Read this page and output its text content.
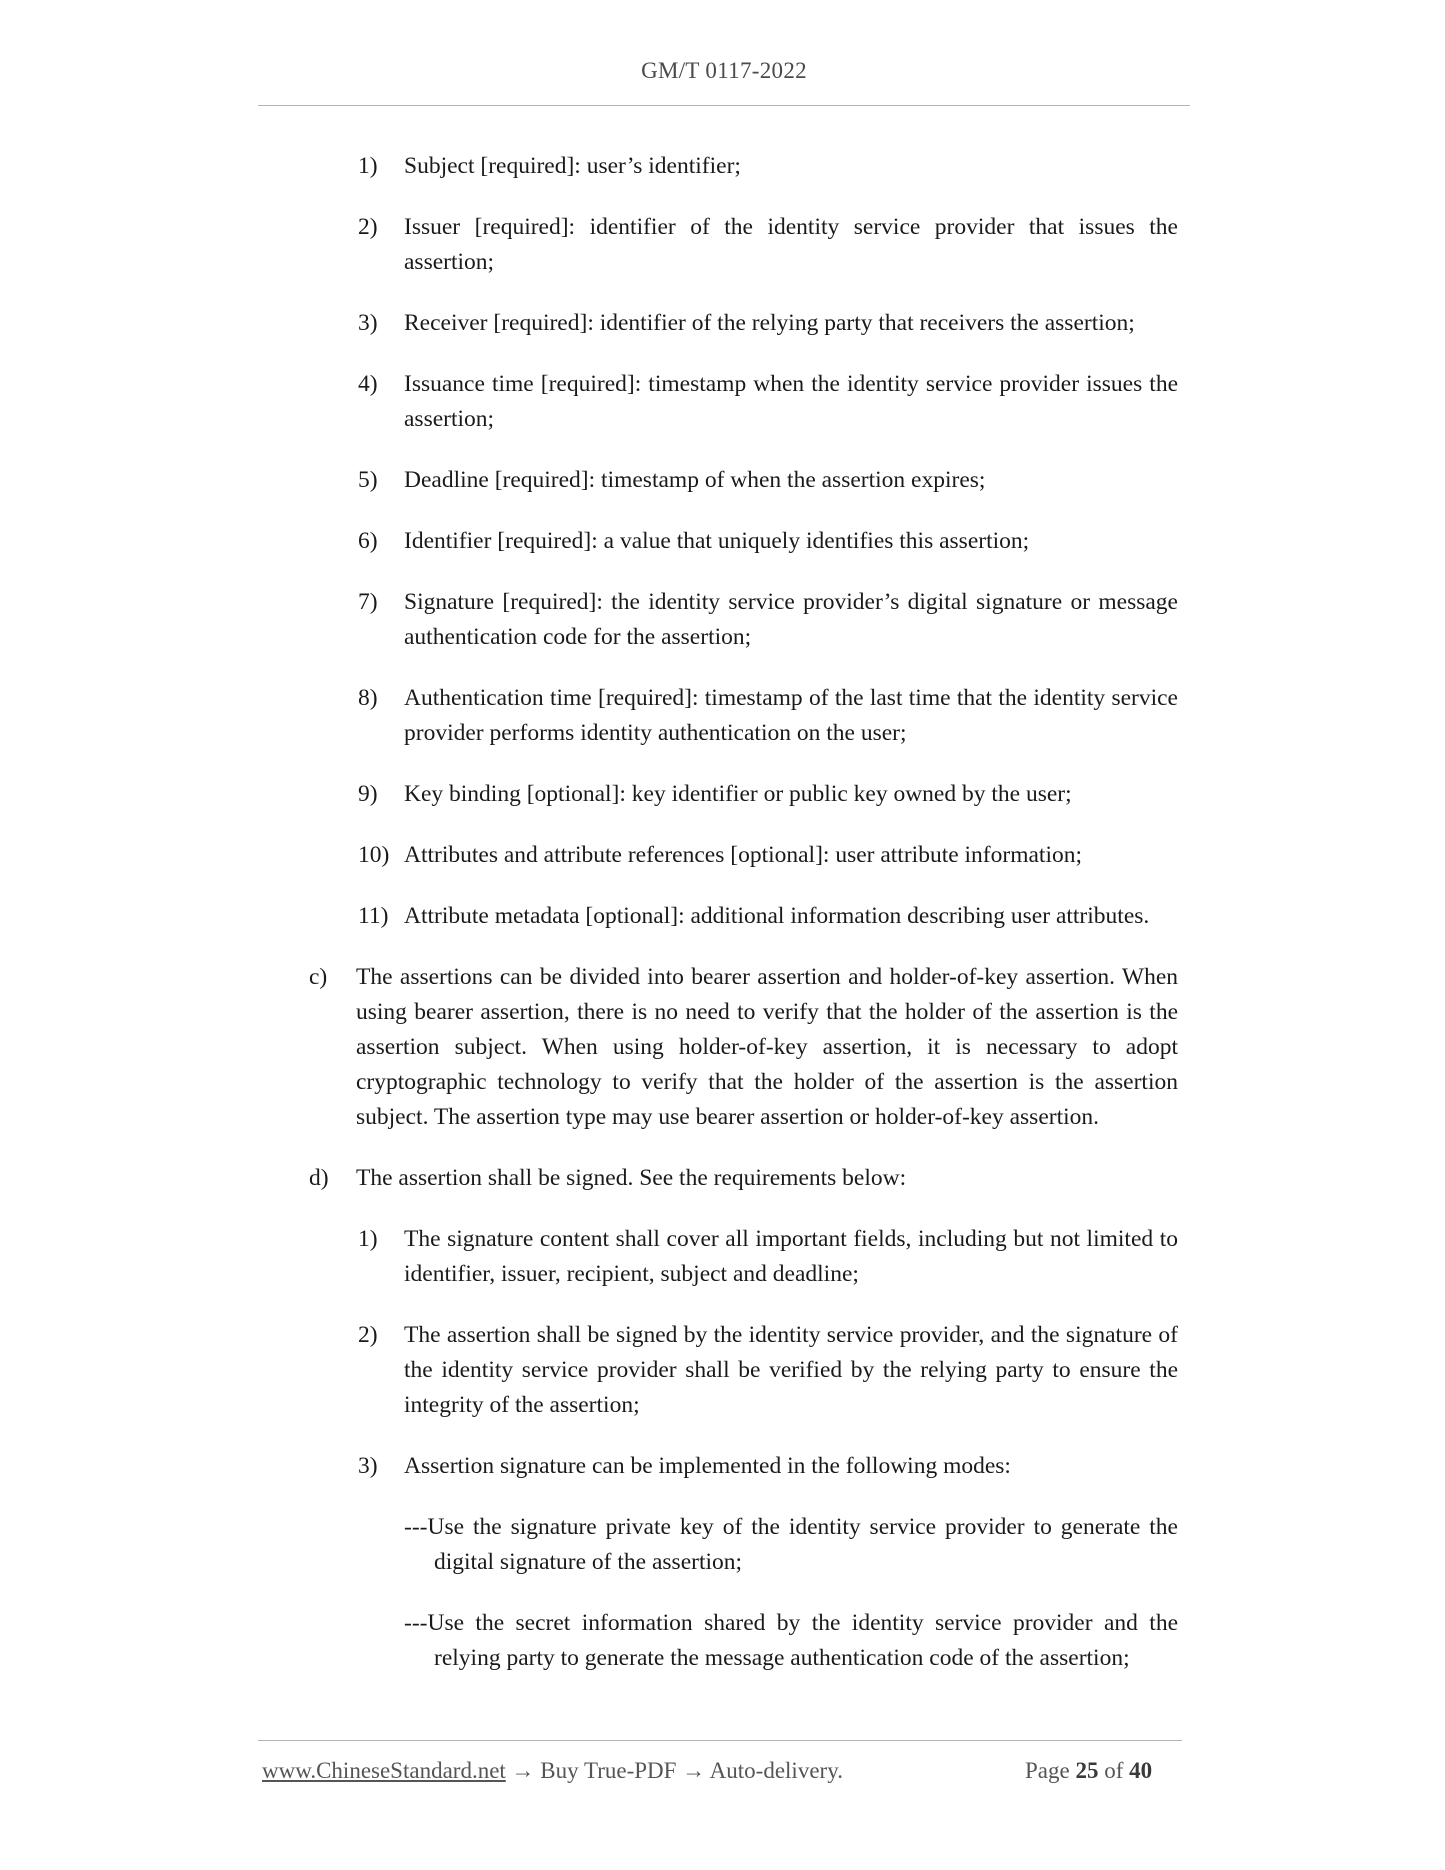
GM/T 0117-2022
1) Subject [required]: user’s identifier;
2) Issuer [required]: identifier of the identity service provider that issues the assertion;
3) Receiver [required]: identifier of the relying party that receivers the assertion;
4) Issuance time [required]: timestamp when the identity service provider issues the assertion;
5) Deadline [required]: timestamp of when the assertion expires;
6) Identifier [required]: a value that uniquely identifies this assertion;
7) Signature [required]: the identity service provider’s digital signature or message authentication code for the assertion;
8) Authentication time [required]: timestamp of the last time that the identity service provider performs identity authentication on the user;
9) Key binding [optional]: key identifier or public key owned by the user;
10) Attributes and attribute references [optional]: user attribute information;
11) Attribute metadata [optional]: additional information describing user attributes.
c) The assertions can be divided into bearer assertion and holder-of-key assertion. When using bearer assertion, there is no need to verify that the holder of the assertion is the assertion subject. When using holder-of-key assertion, it is necessary to adopt cryptographic technology to verify that the holder of the assertion is the assertion subject. The assertion type may use bearer assertion or holder-of-key assertion.
d) The assertion shall be signed. See the requirements below:
1) The signature content shall cover all important fields, including but not limited to identifier, issuer, recipient, subject and deadline;
2) The assertion shall be signed by the identity service provider, and the signature of the identity service provider shall be verified by the relying party to ensure the integrity of the assertion;
3) Assertion signature can be implemented in the following modes:
---Use the signature private key of the identity service provider to generate the
digital signature of the assertion;
---Use the secret information shared by the identity service provider and the
relying party to generate the message authentication code of the assertion;
www.ChineseStandard.net → Buy True-PDF → Auto-delivery.	Page 25 of 40
